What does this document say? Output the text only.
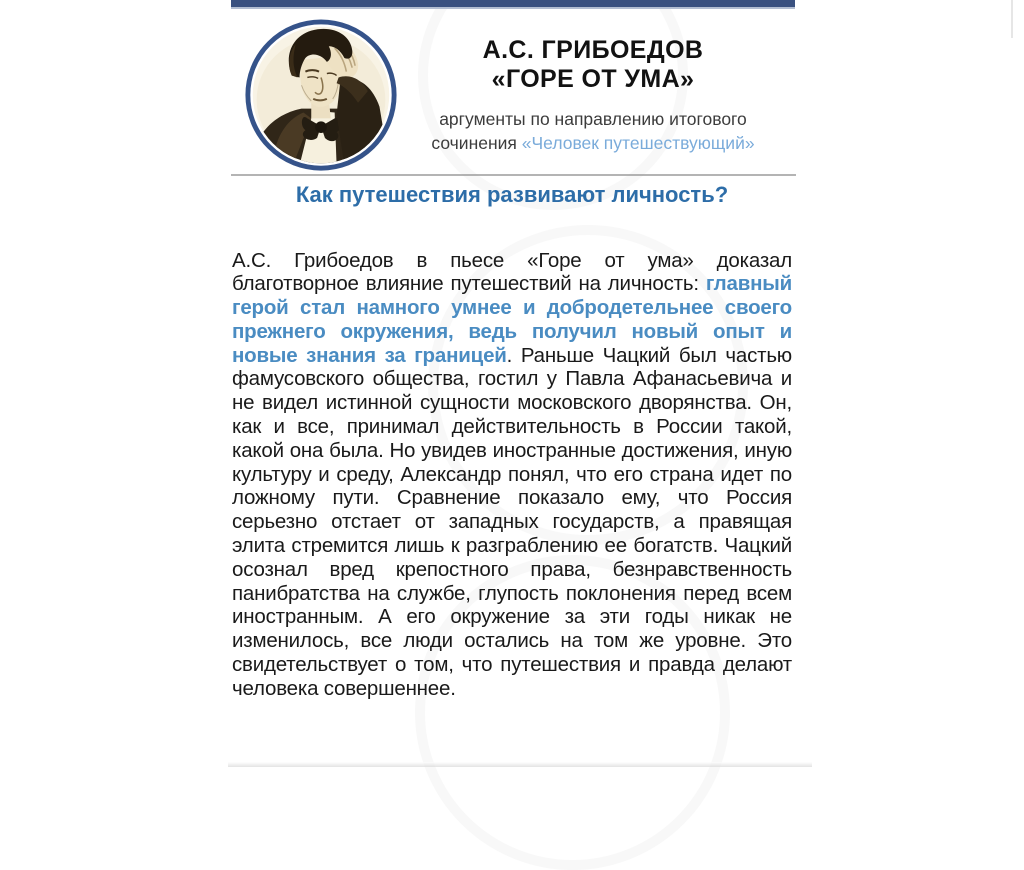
А.С. ГРИБОЕДОВ
«ГОРЕ ОТ УМА»
аргументы по направлению итогового сочинения «Человек путешествующий»
Как путешествия развивают личность?

А.С. Грибоедов в пьесе «Горе от ума» доказал благотворное влияние путешествий на личность: главный герой стал намного умнее и добродетельнее своего прежнего окружения, ведь получил новый опыт и новые знания за границей. Раньше Чацкий был частью фамусовского общества, гостил у Павла Афанасьевича и не видел истинной сущности московского дворянства. Он, как и все, принимал действительность в России такой, какой она была. Но увидев иностранные достижения, иную культуру и среду, Александр понял, что его страна идет по ложному пути. Сравнение показало ему, что Россия серьезно отстает от западных государств, а правящая элита стремится лишь к разграблению ее богатств. Чацкий осознал вред крепостного права, безнравственность панибратства на службе, глупость поклонения перед всем иностранным. А его окружение за эти годы никак не изменилось, все люди остались на том же уровне. Это свидетельствует о том, что путешествия и правда делают человека совершеннее.
